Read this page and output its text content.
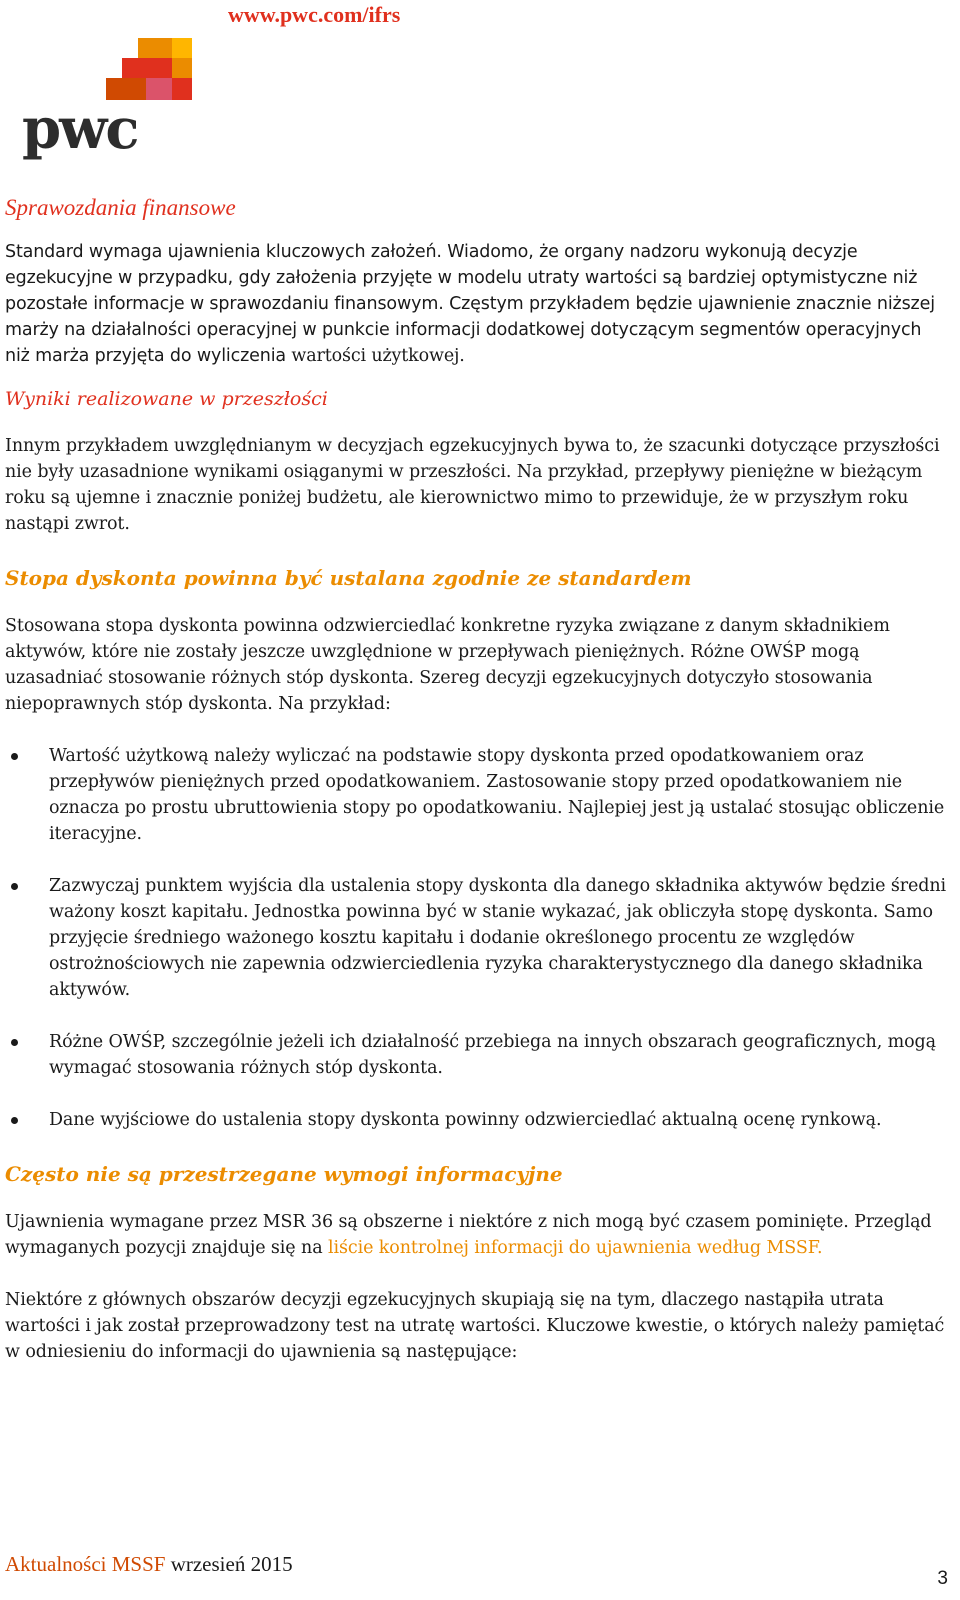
www.pwc.com/ifrs
pwc
Sprawozdania finansowe

Standard wymaga ujawnienia kluczowych założeń. Wiadomo, że organy nadzoru wykonują decyzje egzekucyjne w przypadku, gdy założenia przyjęte w modelu utraty wartości są bardziej optymistyczne niż pozostałe informacje w sprawozdaniu finansowym. Częstym przykładem będzie ujawnienie znacznie niższej marży na działalności operacyjnej w punkcie informacji dodatkowej dotyczącym segmentów operacyjnych niż marża przyjęta do wyliczenia wartości użytkowej.

Wyniki realizowane w przeszłości

Innym przykładem uwzględnianym w decyzjach egzekucyjnych bywa to, że szacunki dotyczące przyszłości nie były uzasadnione wynikami osiąganymi w przeszłości. Na przykład, przepływy pieniężne w bieżącym roku są ujemne i znacznie poniżej budżetu, ale kierownictwo mimo to przewiduje, że w przyszłym roku nastąpi zwrot.

Stopa dyskonta powinna być ustalana zgodnie ze standardem

Stosowana stopa dyskonta powinna odzwierciedlać konkretne ryzyka związane z danym składnikiem aktywów, które nie zostały jeszcze uwzględnione w przepływach pieniężnych. Różne OWŚP mogą uzasadniać stosowanie różnych stóp dyskonta. Szereg decyzji egzekucyjnych dotyczyło stosowania niepoprawnych stóp dyskonta. Na przykład:

Wartość użytkową należy wyliczać na podstawie stopy dyskonta przed opodatkowaniem oraz przepływów pieniężnych przed opodatkowaniem. Zastosowanie stopy przed opodatkowaniem nie oznacza po prostu ubruttowienia stopy po opodatkowaniu. Najlepiej jest ją ustalać stosując obliczenie iteracyjne.
Zazwyczaj punktem wyjścia dla ustalenia stopy dyskonta dla danego składnika aktywów będzie średni ważony koszt kapitału. Jednostka powinna być w stanie wykazać, jak obliczyła stopę dyskonta. Samo przyjęcie średniego ważonego kosztu kapitału i dodanie określonego procentu ze względów ostrożnościowych nie zapewnia odzwierciedlenia ryzyka charakterystycznego dla danego składnika aktywów.
Różne OWŚP, szczególnie jeżeli ich działalność przebiega na innych obszarach geograficznych, mogą wymagać stosowania różnych stóp dyskonta.
Dane wyjściowe do ustalenia stopy dyskonta powinny odzwierciedlać aktualną ocenę rynkową.
Często nie są przestrzegane wymogi informacyjne

Ujawnienia wymagane przez MSR 36 są obszerne i niektóre z nich mogą być czasem pominięte. Przegląd wymaganych pozycji znajduje się na liście kontrolnej informacji do ujawnienia według MSSF.

Niektóre z głównych obszarów decyzji egzekucyjnych skupiają się na tym, dlaczego nastąpiła utrata wartości i jak został przeprowadzony test na utratę wartości. Kluczowe kwestie, o których należy pamiętać w odniesieniu do informacji do ujawnienia są następujące:

Aktualności MSSF wrzesień 2015
3
